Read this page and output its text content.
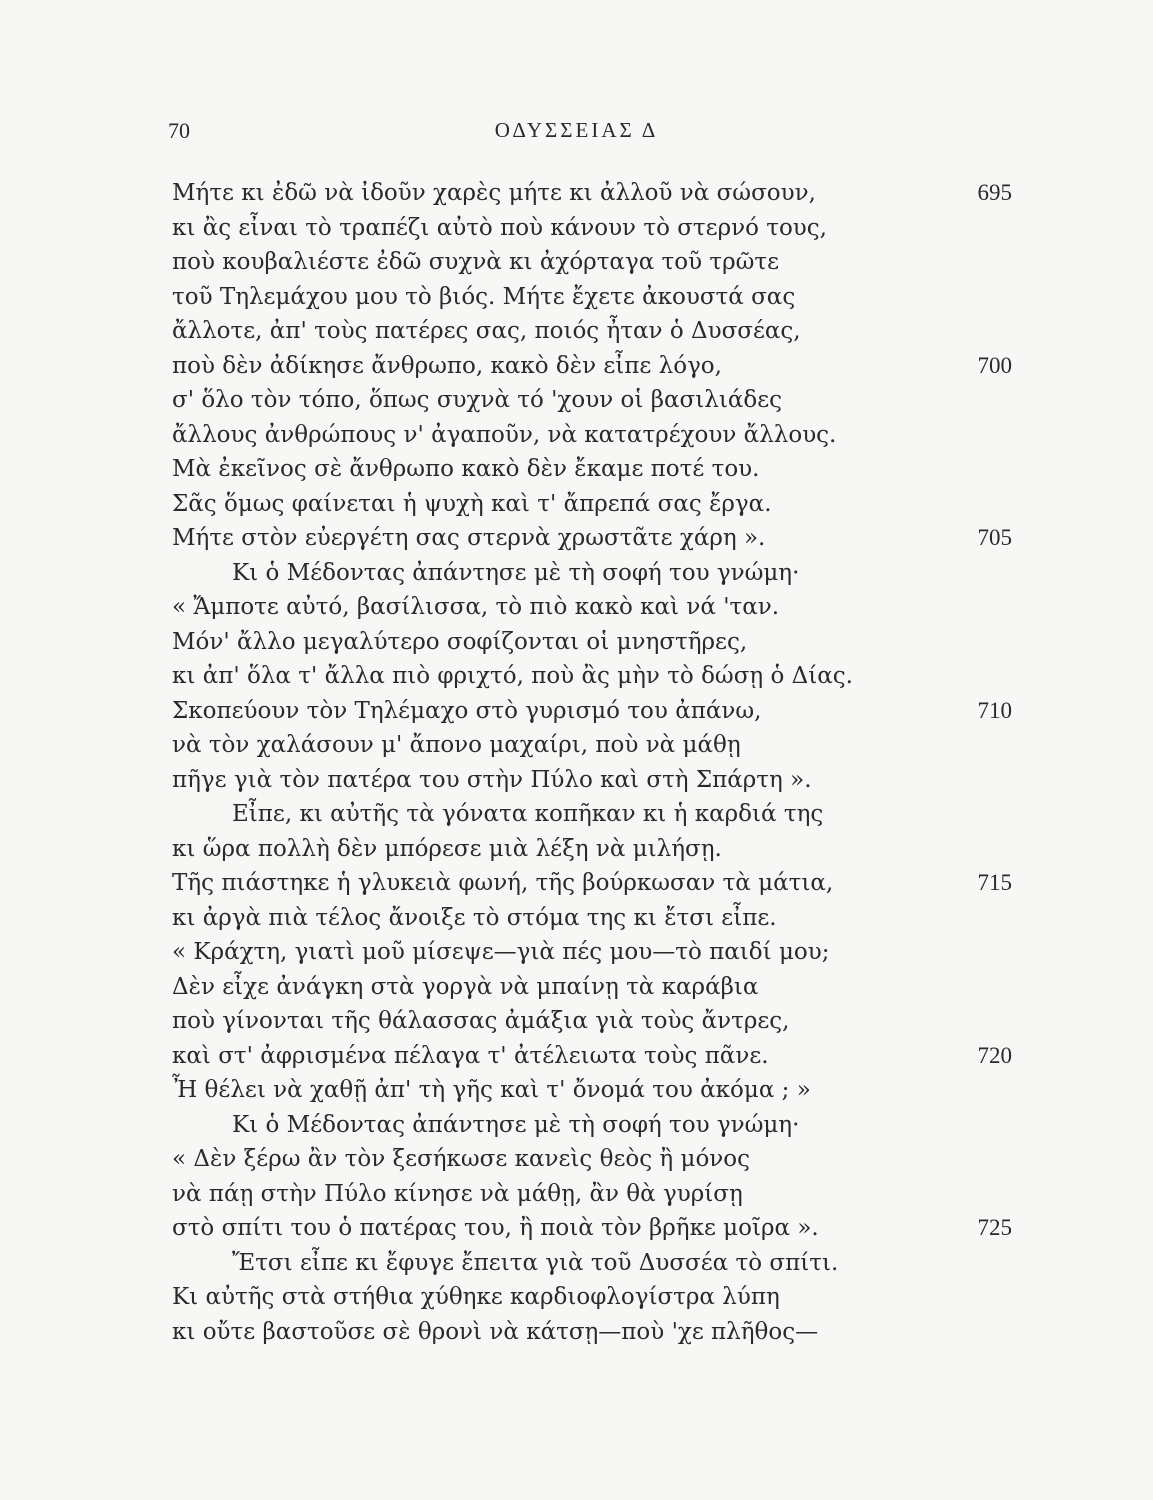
70	ΟΔΥΣΣΕΙΑΣ Δ
Μήτε κι ἐδῶ νὰ ἰδοῦν χαρὲς μήτε κι ἀλλοῦ νὰ σώσουν,	695
κι ἂς εἶναι τὸ τραπέζι αὐτὸ ποὺ κάνουν τὸ στερνό τους,
ποὺ κουβαλιέστε ἐδῶ συχνὰ κι ἀχόρταγα τοῦ τρῶτε
τοῦ Τηλεμάχου μου τὸ βιός. Μήτε ἔχετε ἀκουστά σας
ἄλλοτε, ἀπ' τοὺς πατέρες σας, ποιός ἦταν ὁ Δυσσέας,
ποὺ δὲν ἀδίκησε ἄνθρωπο, κακὸ δὲν εἶπε λόγο,	700
σ' ὅλο τὸν τόπο, ὅπως συχνὰ τό 'χουν οἱ βασιλιάδες
ἄλλους ἀνθρώπους ν' ἀγαποῦν, νὰ κατατρέχουν ἄλλους.
Μὰ ἐκεῖνος σὲ ἄνθρωπο κακὸ δὲν ἔκαμε ποτέ του.
Σᾶς ὅμως φαίνεται ἡ ψυχὴ καὶ τ' ἄπρεπά σας ἔργα.
Μήτε στὸν εὐεργέτη σας στερνὰ χρωστᾶτε χάρη ».	705
Κι ὁ Μέδοντας ἀπάντησε μὲ τὴ σοφή του γνώμη·
« Ἄμποτε αὐτό, βασίλισσα, τὸ πιὸ κακὸ καὶ νά 'ταν.
Μόν' ἄλλο μεγαλύτερο σοφίζονται οἱ μνηστῆρες,
κι ἀπ' ὅλα τ' ἄλλα πιὸ φριχτό, ποὺ ἂς μὴν τὸ δώσῃ ὁ Δίας.
Σκοπεύουν τὸν Τηλέμαχο στὸ γυρισμό του ἀπάνω,	710
νὰ τὸν χαλάσουν μ' ἄπονο μαχαίρι, ποὺ νὰ μάθῃ
πῆγε γιὰ τὸν πατέρα του στὴν Πύλο καὶ στὴ Σπάρτη ».
Εἶπε, κι αὐτῆς τὰ γόνατα κοπῆκαν κι ἡ καρδιά της
κι ὥρα πολλὴ δὲν μπόρεσε μιὰ λέξη νὰ μιλήσῃ.
Τῆς πιάστηκε ἡ γλυκειὰ φωνή, τῆς βούρκωσαν τὰ μάτια,	715
κι ἀργὰ πιὰ τέλος ἄνοιξε τὸ στόμα της κι ἔτσι εἶπε.
« Κράχτη, γιατὶ μοῦ μίσεψε—γιὰ πές μου—τὸ παιδί μου;
Δὲν εἶχε ἀνάγκη στὰ γοργὰ νὰ μπαίνῃ τὰ καράβια
ποὺ γίνονται τῆς θάλασσας ἀμάξια γιὰ τοὺς ἄντρες,
καὶ στ' ἀφρισμένα πέλαγα τ' ἀτέλειωτα τοὺς πᾶνε.	720
Ἦ θέλει νὰ χαθῇ ἀπ' τὴ γῆς καὶ τ' ὄνομά του ἀκόμα ; »
Κι ὁ Μέδοντας ἀπάντησε μὲ τὴ σοφή του γνώμη·
« Δὲν ξέρω ἂν τὸν ξεσήκωσε κανεὶς θεὸς ἢ μόνος
νὰ πάῃ στὴν Πύλο κίνησε νὰ μάθῃ, ἂν θὰ γυρίσῃ
στὸ σπίτι του ὁ πατέρας του, ἢ ποιὰ τὸν βρῆκε μοῖρα ».	725
Ἔτσι εἶπε κι ἔφυγε ἔπειτα γιὰ τοῦ Δυσσέα τὸ σπίτι.
Κι αὐτῆς στὰ στήθια χύθηκε καρδιοφλογίστρα λύπη
κι οὔτε βαστοῦσε σὲ θρονὶ νὰ κάτσῃ—ποὺ 'χε πλῆθος—
